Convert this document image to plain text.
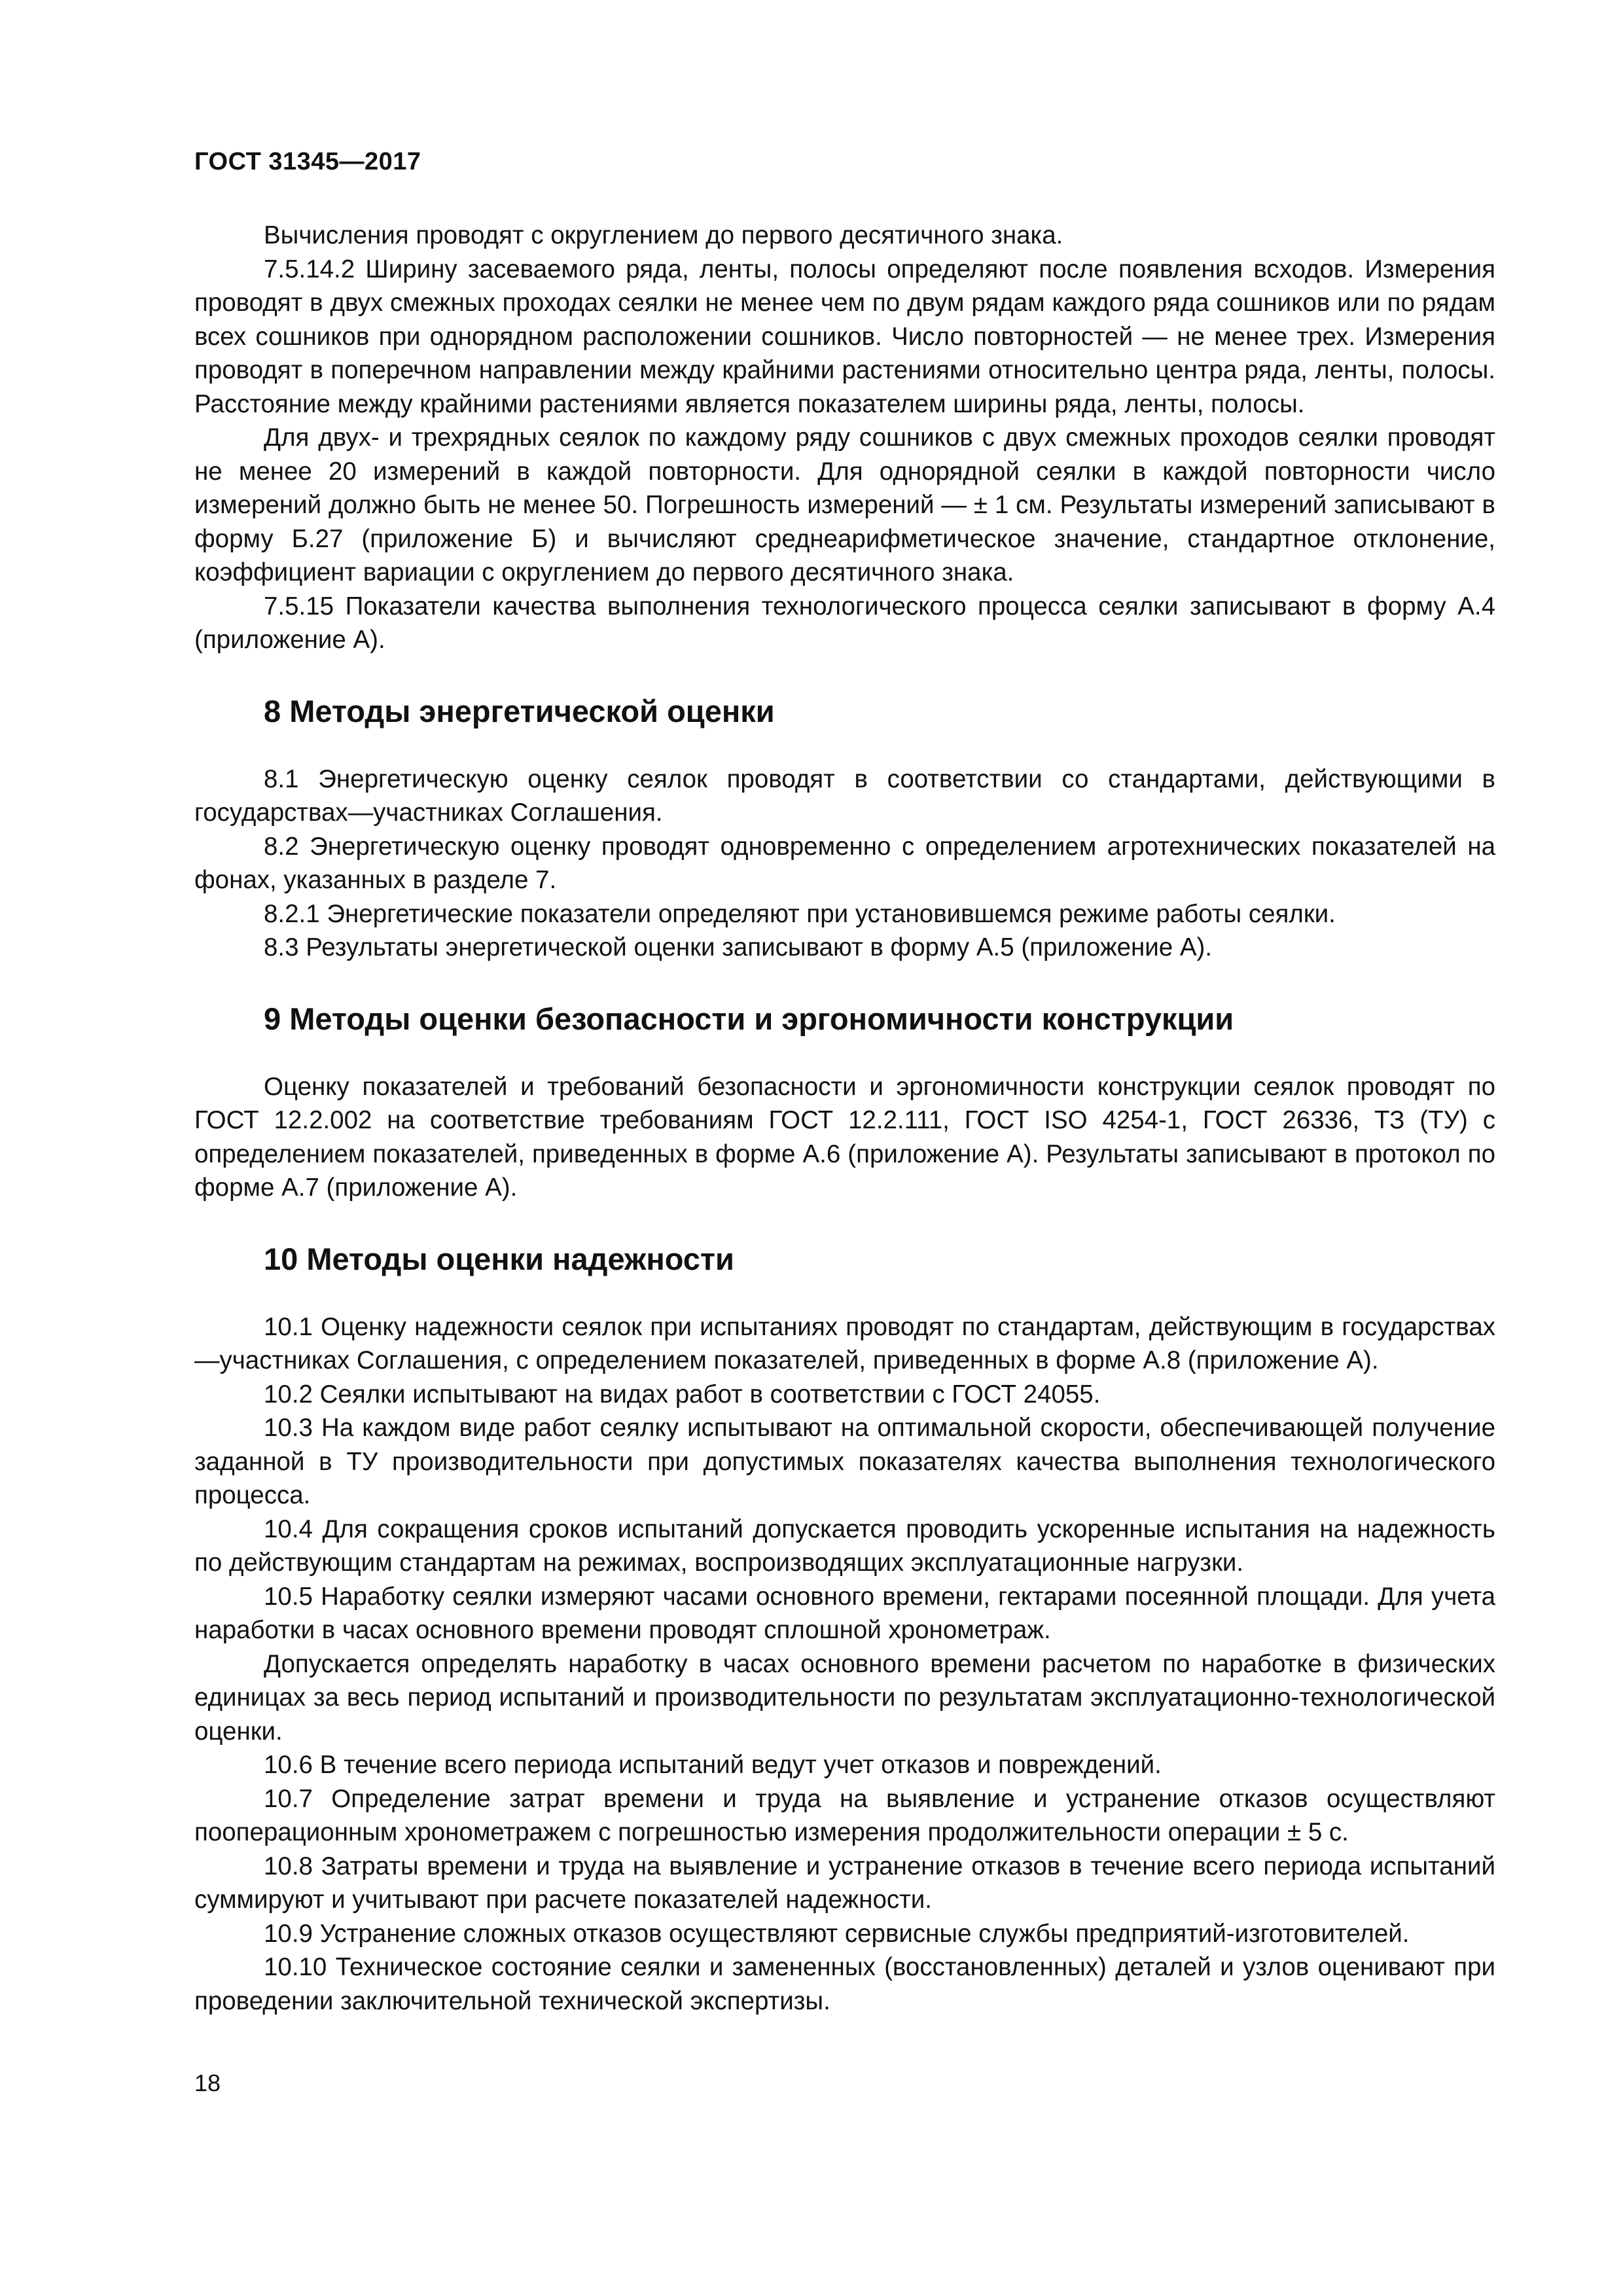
ГОСТ 31345—2017

Вычисления проводят с округлением до первого десятичного знака.

7.5.14.2 Ширину засеваемого ряда, ленты, полосы определяют после появления всходов. Измерения проводят в двух смежных проходах сеялки не менее чем по двум рядам каждого ряда сошников или по рядам всех сошников при однорядном расположении сошников. Число повторностей — не менее трех. Измерения проводят в поперечном направлении между крайними растениями относительно центра ряда, ленты, полосы. Расстояние между крайними растениями является показателем ширины ряда, ленты, полосы.

Для двух- и трехрядных сеялок по каждому ряду сошников с двух смежных проходов сеялки проводят не менее 20 измерений в каждой повторности. Для однорядной сеялки в каждой повторности число измерений должно быть не менее 50. Погрешность измерений — ± 1 см. Результаты измерений записывают в форму Б.27 (приложение Б) и вычисляют среднеарифметическое значение, стандартное отклонение, коэффициент вариации с округлением до первого десятичного знака.

7.5.15 Показатели качества выполнения технологического процесса сеялки записывают в форму А.4 (приложение А).

8 Методы энергетической оценки

8.1 Энергетическую оценку сеялок проводят в соответствии со стандартами, действующими в государствах—участниках Соглашения.

8.2 Энергетическую оценку проводят одновременно с определением агротехнических показателей на фонах, указанных в разделе 7.

8.2.1 Энергетические показатели определяют при установившемся режиме работы сеялки.

8.3 Результаты энергетической оценки записывают в форму А.5 (приложение А).

9 Методы оценки безопасности и эргономичности конструкции

Оценку показателей и требований безопасности и эргономичности конструкции сеялок проводят по ГОСТ 12.2.002 на соответствие требованиям ГОСТ 12.2.111, ГОСТ ISO 4254-1, ГОСТ 26336, ТЗ (ТУ) с определением показателей, приведенных в форме А.6 (приложение А). Результаты записывают в протокол по форме А.7 (приложение А).

10 Методы оценки надежности

10.1 Оценку надежности сеялок при испытаниях проводят по стандартам, действующим в государствах—участниках Соглашения, с определением показателей, приведенных в форме А.8 (приложение А).

10.2 Сеялки испытывают на видах работ в соответствии с ГОСТ 24055.

10.3 На каждом виде работ сеялку испытывают на оптимальной скорости, обеспечивающей получение заданной в ТУ производительности при допустимых показателях качества выполнения технологического процесса.

10.4 Для сокращения сроков испытаний допускается проводить ускоренные испытания на надежность по действующим стандартам на режимах, воспроизводящих эксплуатационные нагрузки.

10.5 Наработку сеялки измеряют часами основного времени, гектарами посеянной площади. Для учета наработки в часах основного времени проводят сплошной хронометраж.

Допускается определять наработку в часах основного времени расчетом по наработке в физических единицах за весь период испытаний и производительности по результатам эксплуатационно-технологической оценки.

10.6 В течение всего периода испытаний ведут учет отказов и повреждений.

10.7 Определение затрат времени и труда на выявление и устранение отказов осуществляют пооперационным хронометражем с погрешностью измерения продолжительности операции ± 5 с.

10.8 Затраты времени и труда на выявление и устранение отказов в течение всего периода испытаний суммируют и учитывают при расчете показателей надежности.

10.9 Устранение сложных отказов осуществляют сервисные службы предприятий-изготовителей.

10.10 Техническое состояние сеялки и замененных (восстановленных) деталей и узлов оценивают при проведении заключительной технической экспертизы.

18
